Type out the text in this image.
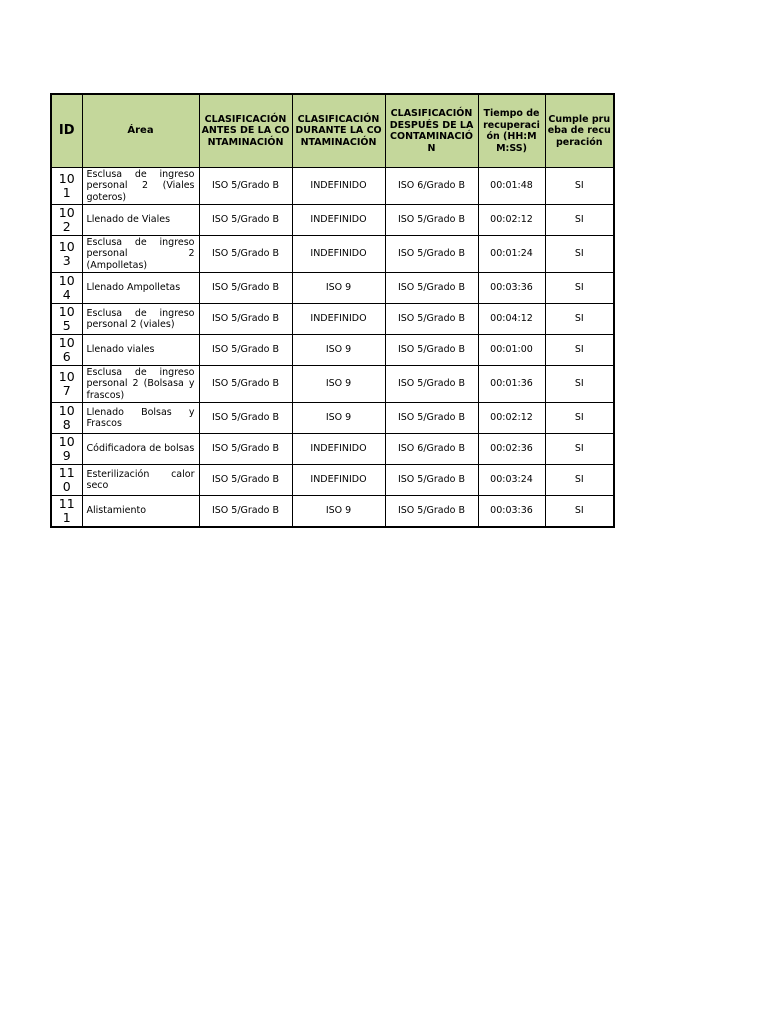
ID	Área	CLASIFICACIÓN ANTES DE LA CONTAMINACIÓN	CLASIFICACIÓN DURANTE LA CONTAMINACIÓN	CLASIFICACIÓN DESPUÉS DE LA CONTAMINACIÓN	Tiempo de recuperación (HH:MM:SS)	Cumple prueba de recuperación
101	Esclusa de ingreso personal 2 (Viales goteros)	ISO 5/Grado B	INDEFINIDO	ISO 6/Grado B	00:01:48	SI
102	Llenado de Viales	ISO 5/Grado B	INDEFINIDO	ISO 5/Grado B	00:02:12	SI
103	Esclusa de ingreso personal 2 (Ampolletas)	ISO 5/Grado B	INDEFINIDO	ISO 5/Grado B	00:01:24	SI
104	Llenado Ampolletas	ISO 5/Grado B	ISO 9	ISO 5/Grado B	00:03:36	SI
105	Esclusa de ingreso personal 2 (viales)	ISO 5/Grado B	INDEFINIDO	ISO 5/Grado B	00:04:12	SI
106	Llenado viales	ISO 5/Grado B	ISO 9	ISO 5/Grado B	00:01:00	SI
107	Esclusa de ingreso personal 2 (Bolsasa y frascos)	ISO 5/Grado B	ISO 9	ISO 5/Grado B	00:01:36	SI
108	Llenado Bolsas y Frascos	ISO 5/Grado B	ISO 9	ISO 5/Grado B	00:02:12	SI
109	Códificadora de bolsas	ISO 5/Grado B	INDEFINIDO	ISO 6/Grado B	00:02:36	SI
110	Esterilización calor seco	ISO 5/Grado B	INDEFINIDO	ISO 5/Grado B	00:03:24	SI
111	Alistamiento	ISO 5/Grado B	ISO 9	ISO 5/Grado B	00:03:36	SI
